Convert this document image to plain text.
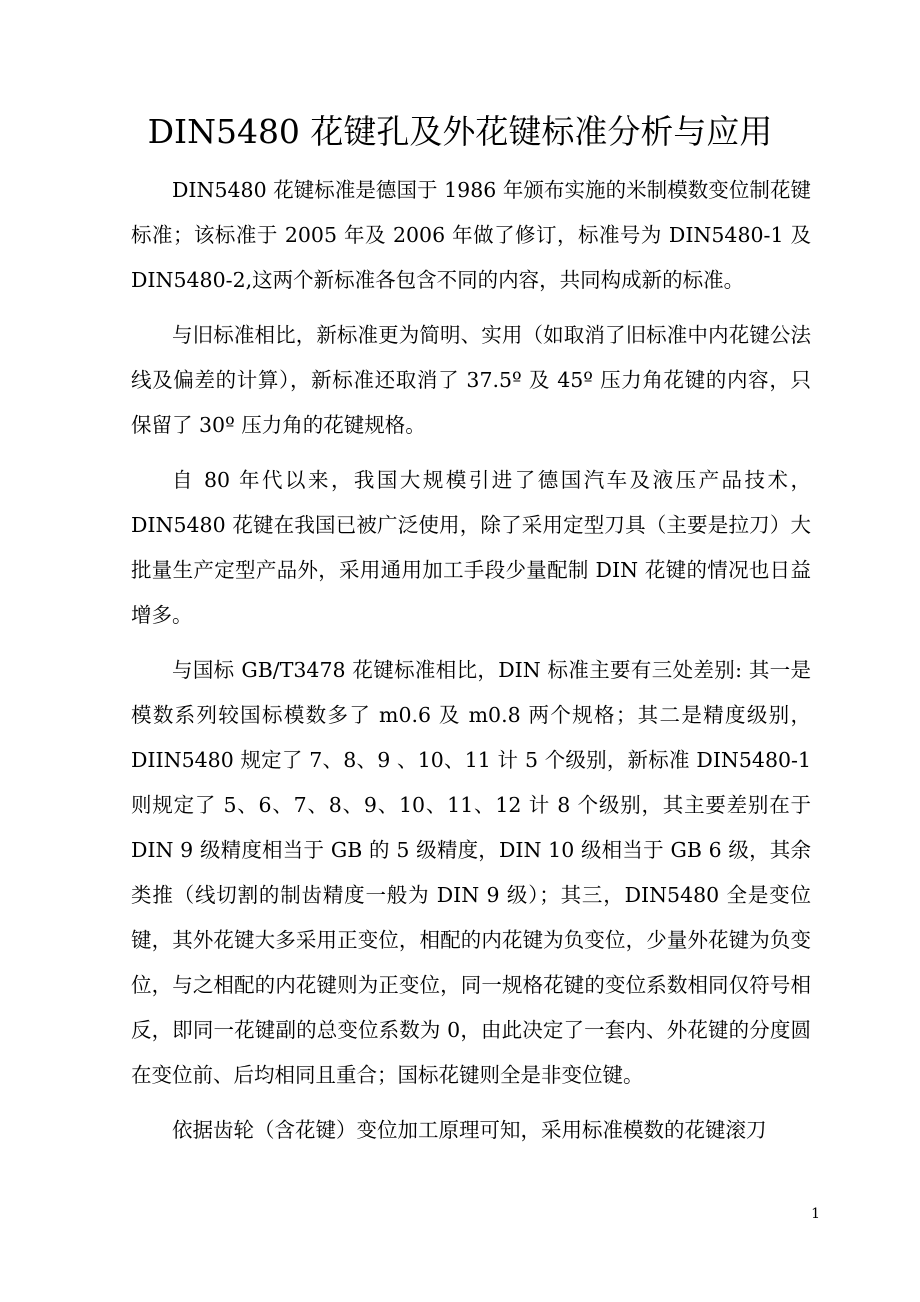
DIN5480 花键孔及外花键标准分析与应用

DIN5480 花键标准是德国于 1986 年颁布实施的米制模数变位制花键标准；该标准于 2005 年及 2006 年做了修订，标准号为 DIN5480-1 及 DIN5480-2,这两个新标准各包含不同的内容，共同构成新的标准。

与旧标准相比，新标准更为简明、实用（如取消了旧标准中内花键公法线及偏差的计算），新标准还取消了 37.5º 及 45º 压力角花键的内容，只保留了 30º 压力角的花键规格。

自 80 年代以来，我国大规模引进了德国汽车及液压产品技术，DIN5480 花键在我国已被广泛使用，除了采用定型刀具（主要是拉刀）大批量生产定型产品外，采用通用加工手段少量配制 DIN 花键的情况也日益增多。

与国标 GB/T3478 花键标准相比，DIN 标准主要有三处差别: 其一是模数系列较国标模数多了 m0.6 及 m0.8 两个规格；其二是精度级别，DIIN5480 规定了 7、8、9 、10、11 计 5 个级别，新标准 DIN5480-1 则规定了 5、6、7、8、9、10、11、12 计 8 个级别，其主要差别在于 DIN 9 级精度相当于 GB 的 5 级精度，DIN 10 级相当于 GB 6 级，其余类推（线切割的制齿精度一般为 DIN 9 级）；其三，DIN5480 全是变位键，其外花键大多采用正变位，相配的内花键为负变位，少量外花键为负变位，与之相配的内花键则为正变位，同一规格花键的变位系数相同仅符号相反，即同一花键副的总变位系数为 0，由此决定了一套内、外花键的分度圆在变位前、后均相同且重合；国标花键则全是非变位键。

依据齿轮（含花键）变位加工原理可知，采用标准模数的花键滚刀

1
